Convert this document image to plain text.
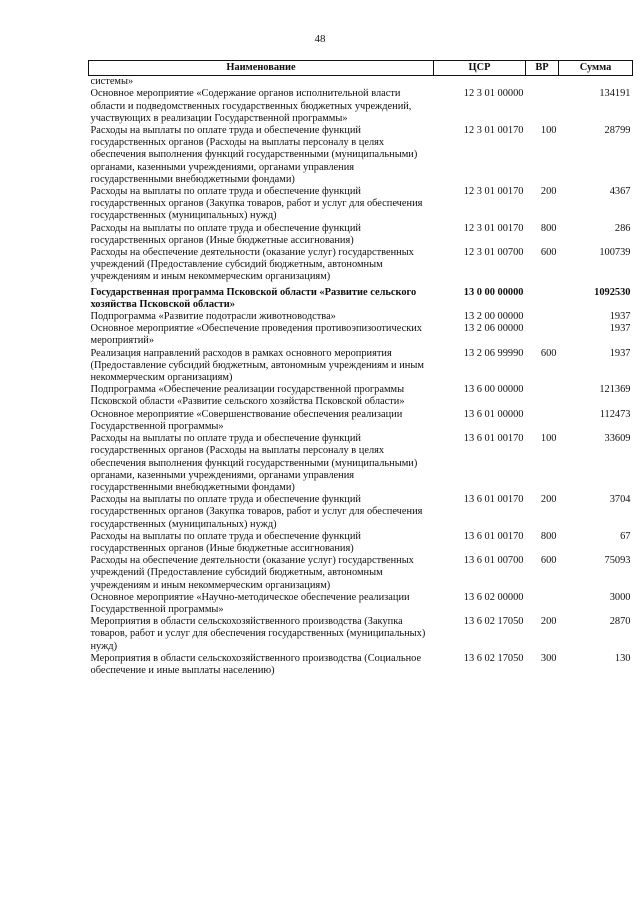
48
Наименование	ЦСР	ВР	Сумма
системы»			
Основное мероприятие «Содержание органов исполнительной власти области и подведомственных государственных бюджетных учреждений, участвующих в реализации Государственной программы»	12 3 01 00000		134191
Расходы на выплаты по оплате труда и обеспечение функций государственных органов (Расходы на выплаты персоналу в целях обеспечения выполнения функций государственными (муниципальными) органами, казенными учреждениями, органами управления государственными внебюджетными фондами)	12 3 01 00170	100	28799
Расходы на выплаты по оплате труда и обеспечение функций государственных органов (Закупка товаров, работ и услуг для обеспечения государственных (муниципальных) нужд)	12 3 01 00170	200	4367
Расходы на выплаты по оплате труда и обеспечение функций государственных органов (Иные бюджетные ассигнования)	12 3 01 00170	800	286
Расходы на обеспечение деятельности (оказание услуг) государственных учреждений (Предоставление субсидий бюджетным, автономным учреждениям и иным некоммерческим организациям)	12 3 01 00700	600	100739
Государственная программа Псковской области «Развитие сельского хозяйства Псковской области»	13 0 00 00000		1092530
Подпрограмма «Развитие подотрасли животноводства»	13 2 00 00000		1937
Основное мероприятие «Обеспечение проведения противоэпизоотических мероприятий»	13 2 06 00000		1937
Реализация направлений расходов в рамках основного мероприятия (Предоставление субсидий бюджетным, автономным учреждениям и иным некоммерческим организациям)	13 2 06 99990	600	1937
Подпрограмма «Обеспечение реализации государственной программы Псковской области «Развитие сельского хозяйства Псковской области»	13 6 00 00000		121369
Основное мероприятие «Совершенствование обеспечения реализации Государственной программы»	13 6 01 00000		112473
Расходы на выплаты по оплате труда и обеспечение функций государственных органов (Расходы на выплаты персоналу в целях обеспечения выполнения функций государственными (муниципальными) органами, казенными учреждениями, органами управления государственными внебюджетными фондами)	13 6 01 00170	100	33609
Расходы на выплаты по оплате труда и обеспечение функций государственных органов (Закупка товаров, работ и услуг для обеспечения государственных (муниципальных) нужд)	13 6 01 00170	200	3704
Расходы на выплаты по оплате труда и обеспечение функций государственных органов (Иные бюджетные ассигнования)	13 6 01 00170	800	67
Расходы на обеспечение деятельности (оказание услуг) государственных учреждений (Предоставление субсидий бюджетным, автономным учреждениям и иным некоммерческим организациям)	13 6 01 00700	600	75093
Основное мероприятие «Научно-методическое обеспечение реализации Государственной программы»	13 6 02 00000		3000
Мероприятия в области сельскохозяйственного производства (Закупка товаров, работ и услуг для обеспечения государственных (муниципальных) нужд)	13 6 02 17050	200	2870
Мероприятия в области сельскохозяйственного производства (Социальное обеспечение и иные выплаты населению)	13 6 02 17050	300	130
